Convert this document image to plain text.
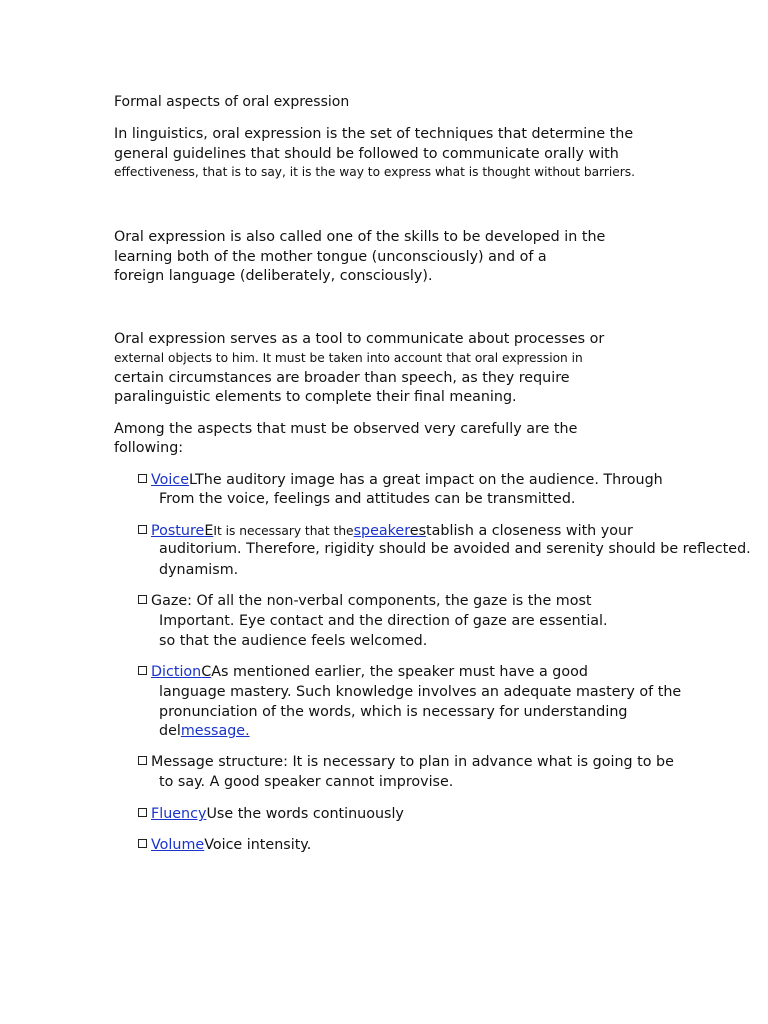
Formal aspects of oral expression
In linguistics, oral expression is the set of techniques that determine the
general guidelines that should be followed to communicate orally with
effectiveness, that is to say, it is the way to express what is thought without barriers.
Oral expression is also called one of the skills to be developed in the
learning both of the mother tongue (unconsciously) and of a
foreign language (deliberately, consciously).
Oral expression serves as a tool to communicate about processes or
external objects to him. It must be taken into account that oral expression in
certain circumstances are broader than speech, as they require
paralinguistic elements to complete their final meaning.
Among the aspects that must be observed very carefully are the
following:
VoiceLThe auditory image has a great impact on the audience. Through
From the voice, feelings and attitudes can be transmitted.
PostureEIt is necessary that thespeakerestablish a closeness with your
auditorium. Therefore, rigidity should be avoided and serenity should be reflected.
dynamism.
Gaze: Of all the non-verbal components, the gaze is the most
Important. Eye contact and the direction of gaze are essential.
so that the audience feels welcomed.
DictionCAs mentioned earlier, the speaker must have a good
language mastery. Such knowledge involves an adequate mastery of the
pronunciation of the words, which is necessary for understanding
delmessage.
Message structure: It is necessary to plan in advance what is going to be
to say. A good speaker cannot improvise.
FluencyUse the words continuously
VolumeVoice intensity.
